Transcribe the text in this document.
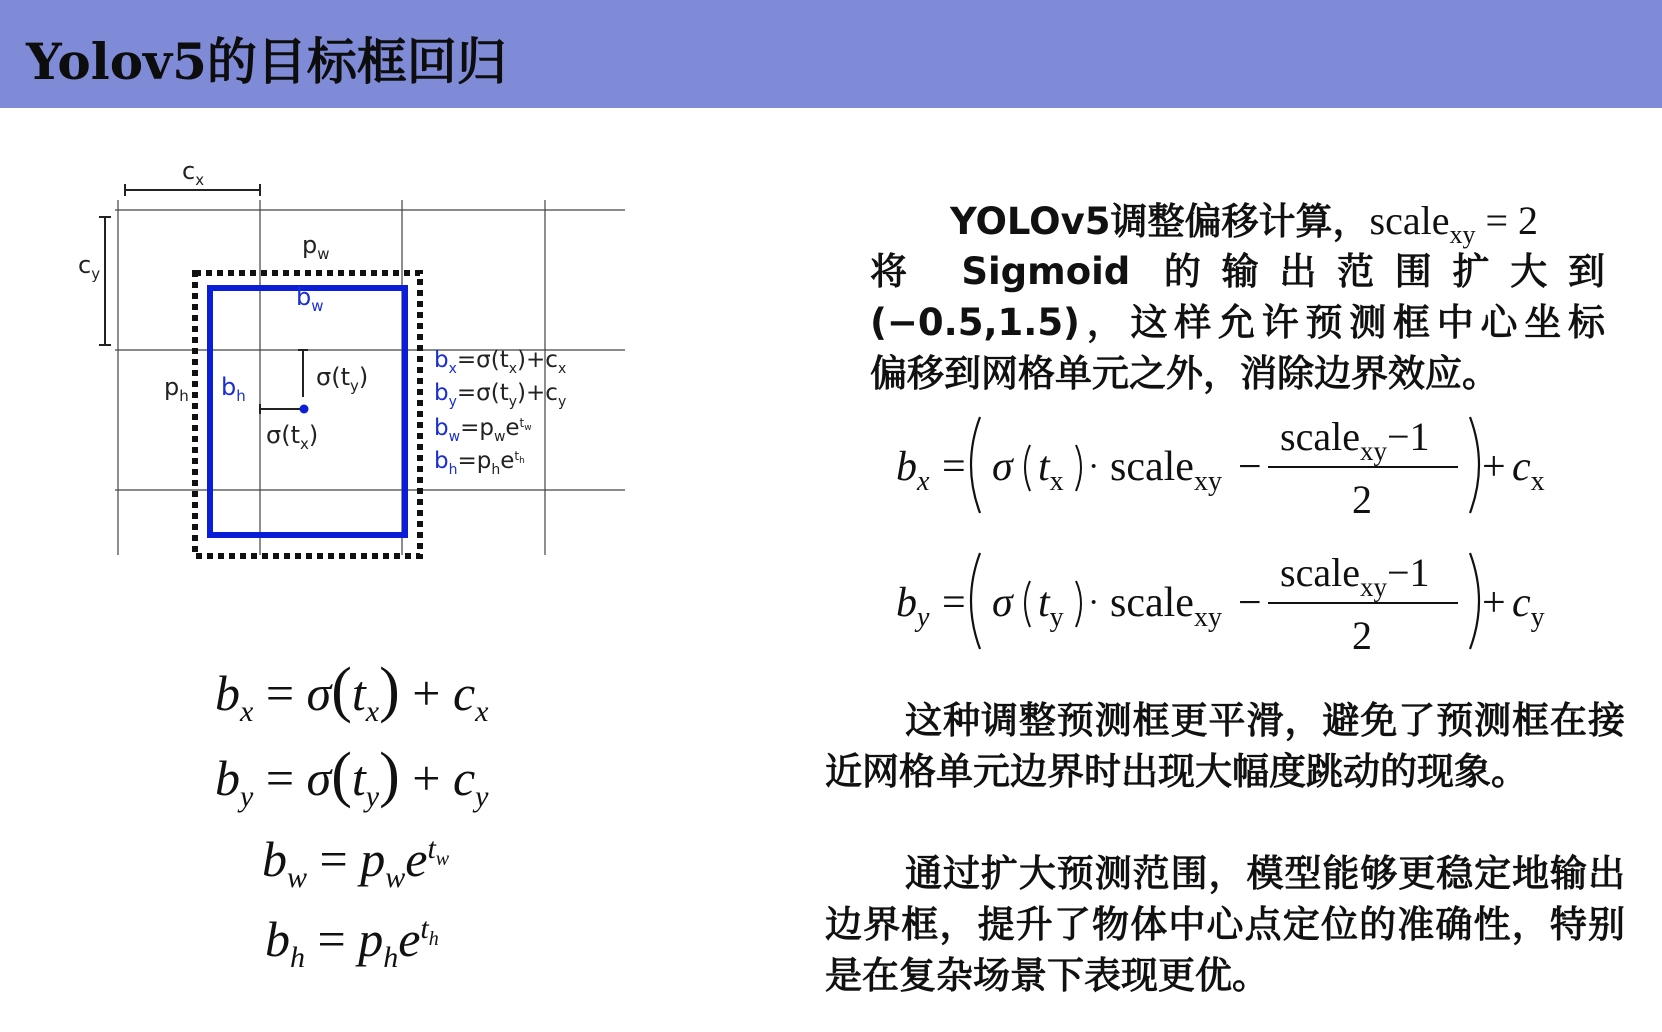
Yolov5的目标框回归
$c_x$
$c_y$
$p_w$
$p_h$
$b_w$
$b_h$
$\sigma(t_y)$
$\sigma(t_x)$
$b_x=\sigma(t_x)+c_x$
$b_y=\sigma(t_y)+c_y$
$b_w=p_we^tw$
$b_h=p_he^th$
$b_x = \sigma(t_x) + c_x$
$b_y = \sigma(t_y) + c_y$
$b_w = p_we^{t_w}$
$b_h = p_he^{t_h}$
YOLOv5调整偏移计算，scale$_{xy}$ = 2
将 Sigmoid 的输出范围扩大到
(−0.5,1.5)，这样允许预测框中心坐标
偏移到网格单元之外，消除边界效应。
$b_x = \sigma$ $t_x$ · scale$_{xy}$ −
scale$_{xy}$−1
2
+ $c_x$
$b_y = \sigma$ $t_y$ · scale$_{xy}$ −
scale$_{xy}$−1
2
+ $c_y$
这种调整预测框更平滑，避免了预测框在接近网格单元边界时出现大幅度跳动的现象。
通过扩大预测范围，模型能够更稳定地输出边界框，提升了物体中心点定位的准确性，特别是在复杂场景下表现更优。
